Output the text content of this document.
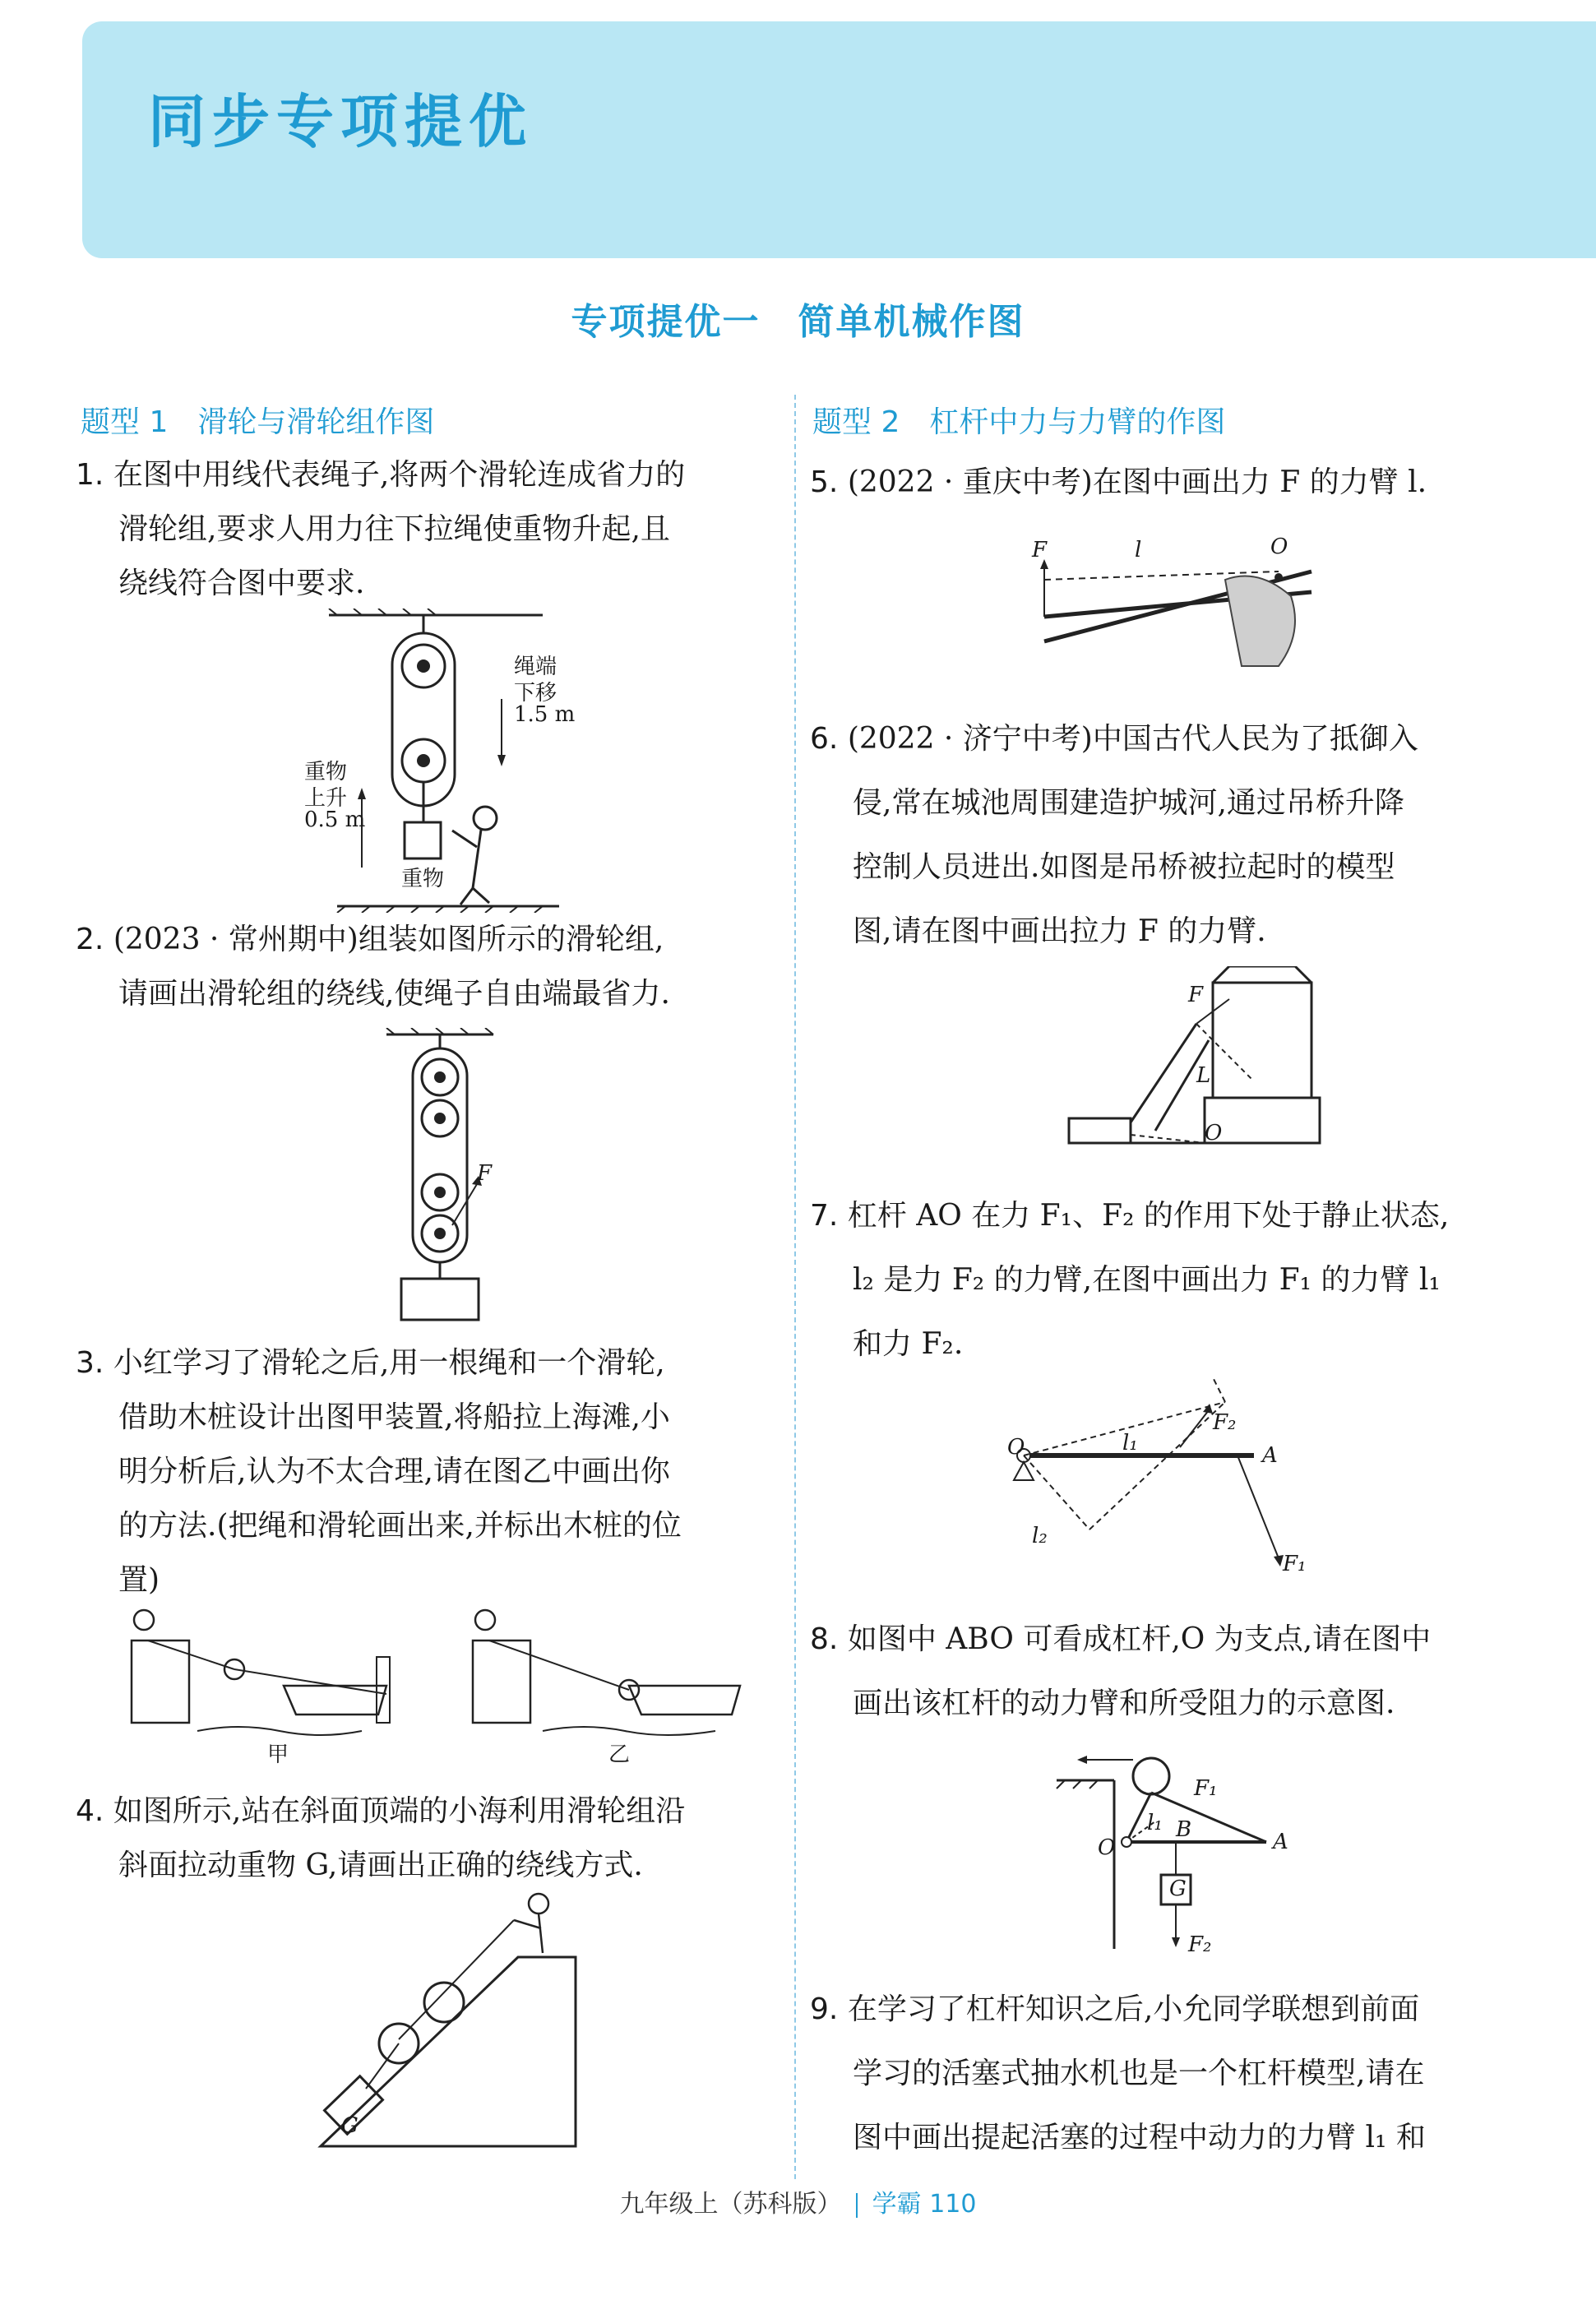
同步专项提优
专项提优一　简单机械作图
题型 1　滑轮与滑轮组作图
1. 在图中用线代表绳子,将两个滑轮连成省力的
滑轮组,要求人用力往下拉绳使重物升起,且
绕线符合图中要求.
绳端
下移
1.5 m
重物
上升
0.5 m
重物
2. (2023 · 常州期中)组装如图所示的滑轮组,
请画出滑轮组的绕线,使绳子自由端最省力.
F
3. 小红学习了滑轮之后,用一根绳和一个滑轮,
借助木桩设计出图甲装置,将船拉上海滩,小
明分析后,认为不太合理,请在图乙中画出你
的方法.(把绳和滑轮画出来,并标出木桩的位
置)
甲	乙
4. 如图所示,站在斜面顶端的小海利用滑轮组沿
斜面拉动重物 G,请画出正确的绕线方式.
G
题型 2　杠杆中力与力臂的作图
5. (2022 · 重庆中考)在图中画出力 F 的力臂 l.
F	l	O
6. (2022 · 济宁中考)中国古代人民为了抵御入
侵,常在城池周围建造护城河,通过吊桥升降
控制人员进出.如图是吊桥被拉起时的模型
图,请在图中画出拉力 F 的力臂.
F
L
O
7. 杠杆 AO 在力 F₁、F₂ 的作用下处于静止状态,
l₂ 是力 F₂ 的力臂,在图中画出力 F₁ 的力臂 l₁
和力 F₂.
O	A
F₂
F₁
l₁
l₂
8. 如图中 ABO 可看成杠杆,O 为支点,请在图中
画出该杠杆的动力臂和所受阻力的示意图.
F₁
F₂
l₁ B	A
O
G
9. 在学习了杠杆知识之后,小允同学联想到前面
学习的活塞式抽水机也是一个杠杆模型,请在
图中画出提起活塞的过程中动力的力臂 l₁ 和
九年级上（苏科版） 学霸 110
